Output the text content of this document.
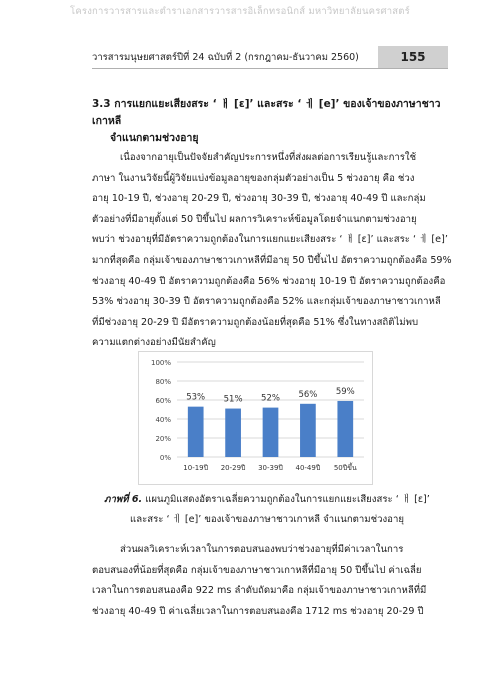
โครงการวารสารและตำราเอกสารวารสารอิเล็กทรอนิกส์ มหาวิทยาลัยนครศาสตร์
วารสารมนุษยศาสตร์ปีที่ 24 ฉบับที่ 2 (กรกฎาคม-ธันวาคม 2560)	155
3.3 การแยกแยะเสียงสระ ‘ ㅐ [ɛ]’ และสระ ‘ ㅔ [e]’ ของเจ้าของภาษาชาวเกาหลี
จำแนกตามช่วงอายุ
เนื่องจากอายุเป็นปัจจัยสำคัญประการหนึ่งที่ส่งผลต่อการเรียนรู้และการใช้
ภาษา ในงานวิจัยนี้ผู้วิจัยแบ่งข้อมูลอายุของกลุ่มตัวอย่างเป็น 5 ช่วงอายุ คือ ช่วง
อายุ 10-19 ปี, ช่วงอายุ 20-29 ปี, ช่วงอายุ 30-39 ปี, ช่วงอายุ 40-49 ปี และกลุ่ม
ตัวอย่างที่มีอายุตั้งแต่ 50 ปีขึ้นไป ผลการวิเคราะห์ข้อมูลโดยจำแนกตามช่วงอายุ
พบว่า ช่วงอายุที่มีอัตราความถูกต้องในการแยกแยะเสียงสระ ‘ ㅐ [ɛ]’ และสระ ‘ ㅔ [e]’
มากที่สุดคือ กลุ่มเจ้าของภาษาชาวเกาหลีที่มีอายุ 50 ปีขึ้นไป อัตราความถูกต้องคือ 59%
ช่วงอายุ 40-49 ปี อัตราความถูกต้องคือ 56% ช่วงอายุ 10-19 ปี อัตราความถูกต้องคือ
53% ช่วงอายุ 30-39 ปี อัตราความถูกต้องคือ 52% และกลุ่มเจ้าของภาษาชาวเกาหลี
ที่มีช่วงอายุ 20-29 ปี มีอัตราความถูกต้องน้อยที่สุดคือ 51% ซึ่งในทางสถิติไม่พบ
ความแตกต่างอย่างมีนัยสำคัญ
0%
20%
40%
60%
80%
100%
53%
10-19ปี
51%
20-29ปี
52%
30-39ปี
56%
40-49ปี
59%
50ปีขึ้น
ภาพที่ 6. แผนภูมิแสดงอัตราเฉลี่ยความถูกต้องในการแยกแยะเสียงสระ ‘ ㅐ [ɛ]’
และสระ ‘ ㅔ [e]’ ของเจ้าของภาษาชาวเกาหลี จำแนกตามช่วงอายุ
ส่วนผลวิเคราะห์เวลาในการตอบสนองพบว่าช่วงอายุที่มีค่าเวลาในการ
ตอบสนองที่น้อยที่สุดคือ กลุ่มเจ้าของภาษาชาวเกาหลีที่มีอายุ 50 ปีขึ้นไป ค่าเฉลี่ย
เวลาในการตอบสนองคือ 922 ms ลำดับถัดมาคือ กลุ่มเจ้าของภาษาชาวเกาหลีที่มี
ช่วงอายุ 40-49 ปี ค่าเฉลี่ยเวลาในการตอบสนองคือ 1712 ms ช่วงอายุ 20-29 ปี
